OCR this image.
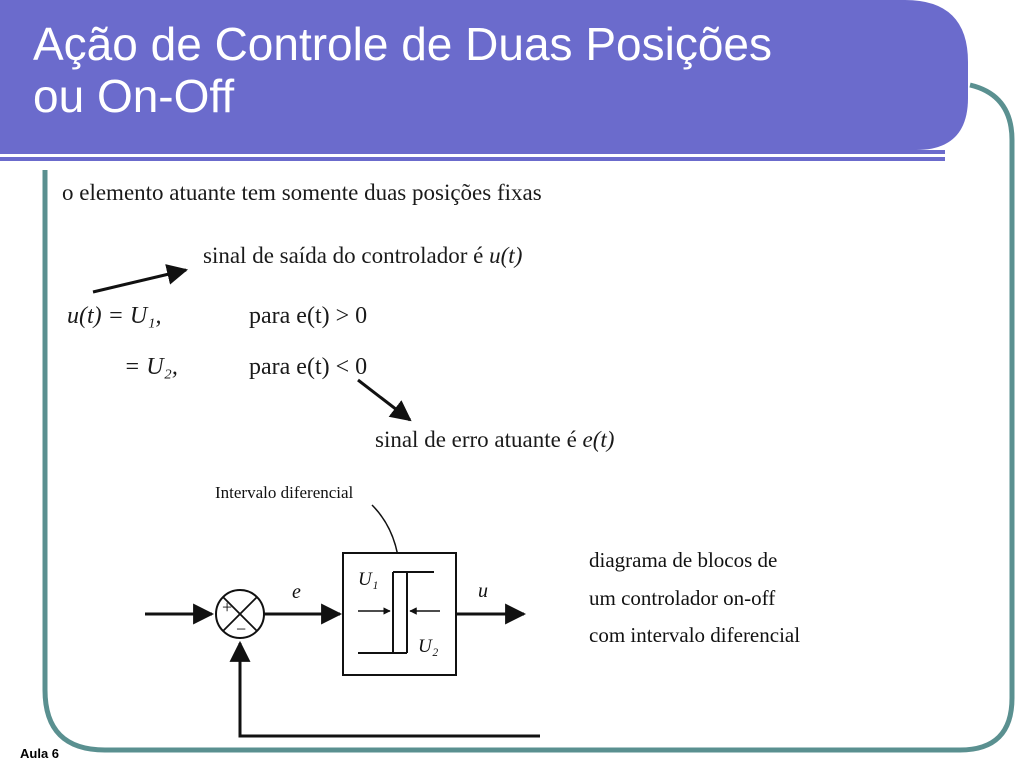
Ação de Controle de Duas Posições
ou On-Off
o elemento atuante tem somente duas posições fixas
sinal de saída do controlador é u(t)
u(t) = U₁,	para e(t) > 0
= U₂,	para e(t) < 0
sinal de erro atuante é e(t)
Intervalo diferencial
+
−
e
U₁
U₂
u
diagrama de blocos de
um controlador on-off
com intervalo diferencial
Aula 6
